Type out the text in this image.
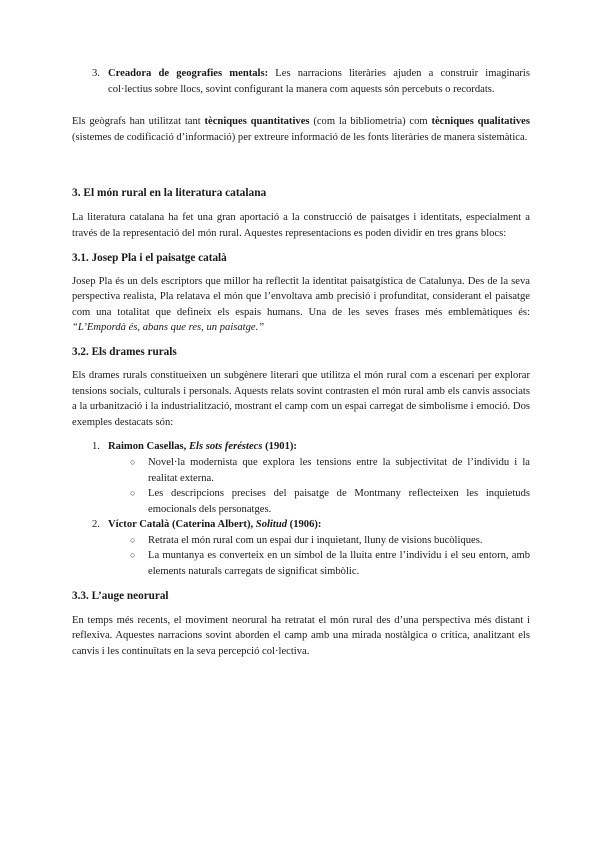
3. Creadora de geografies mentals: Les narracions literàries ajuden a construir imaginaris col·lectius sobre llocs, sovint configurant la manera com aquests són percebuts o recordats.

Els geògrafs han utilitzat tant tècniques quantitatives (com la bibliometria) com tècniques qualitatives (sistemes de codificació d’informació) per extreure informació de les fonts literàries de manera sistemàtica.

3. El món rural en la literatura catalana

La literatura catalana ha fet una gran aportació a la construcció de paisatges i identitats, especialment a través de la representació del món rural. Aquestes representacions es poden dividir en tres grans blocs:

3.1. Josep Pla i el paisatge català

Josep Pla és un dels escriptors que millor ha reflectit la identitat paisatgística de Catalunya. Des de la seva perspectiva realista, Pla relatava el món que l’envoltava amb precisió i profunditat, considerant el paisatge com una totalitat que defineix els espais humans. Una de les seves frases més emblemàtiques és: “L’Empordà és, abans que res, un paisatge.”

3.2. Els drames rurals

Els drames rurals constitueixen un subgènere literari que utilitza el món rural com a escenari per explorar tensions socials, culturals i personals. Aquests relats sovint contrasten el món rural amb els canvis associats a la urbanització i la industrialització, mostrant el camp com un espai carregat de simbolisme i emoció. Dos exemples destacats són:

1. Raimon Casellas, Els sots feréstecs (1901):
○ Novel·la modernista que explora les tensions entre la subjectivitat de l’individu i la realitat externa.
○ Les descripcions precises del paisatge de Montmany reflecteixen les inquietuds emocionals dels personatges.
2. Víctor Català (Caterina Albert), Solitud (1906):
○ Retrata el món rural com un espai dur i inquietant, lluny de visions bucòliques.
○ La muntanya es converteix en un símbol de la lluita entre l’individu i el seu entorn, amb elements naturals carregats de significat simbòlic.
3.3. L’auge neorural

En temps més recents, el moviment neorural ha retratat el món rural des d’una perspectiva més distant i reflexiva. Aquestes narracions sovint aborden el camp amb una mirada nostàlgica o crítica, analitzant els canvis i les continuïtats en la seva percepció col·lectiva.
